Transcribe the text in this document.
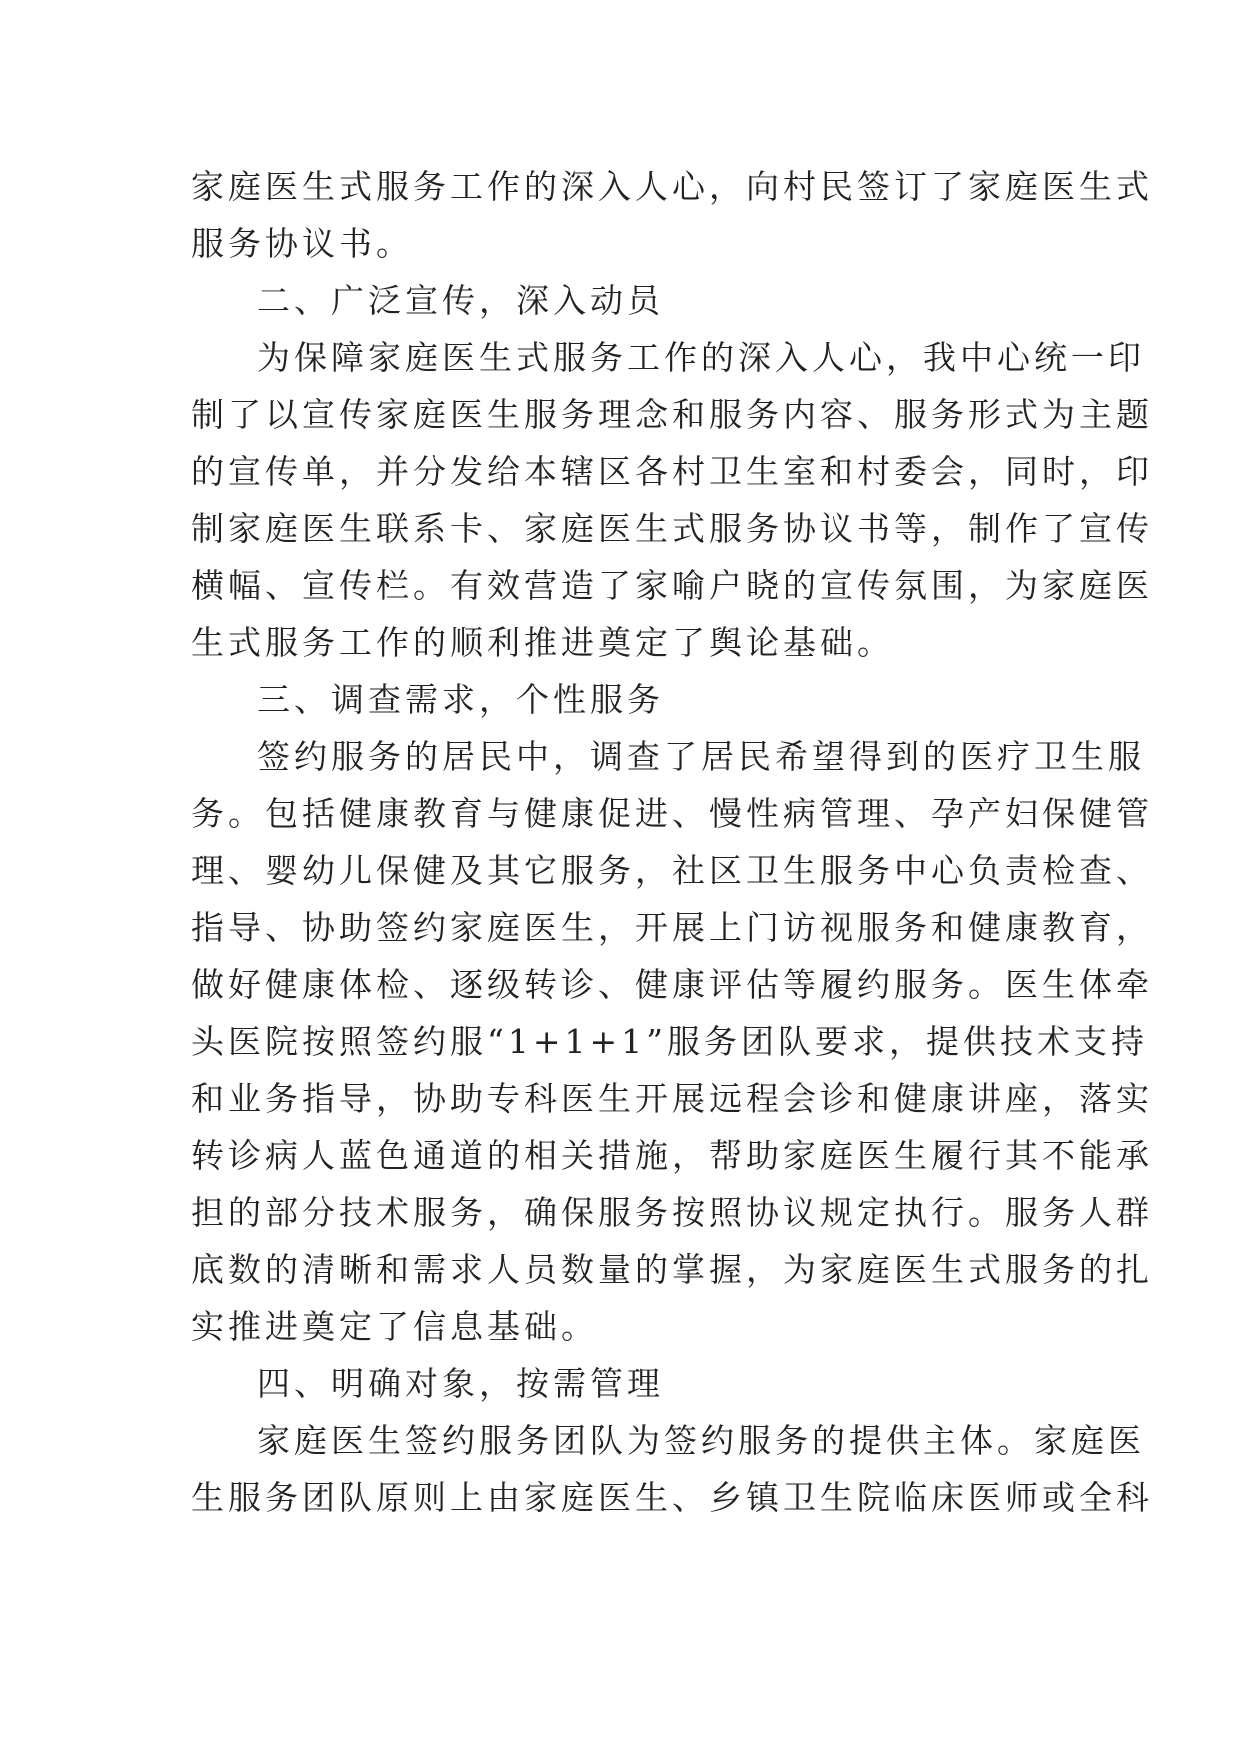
家庭医生式服务工作的深入人心，向村民签订了家庭医生式
服务协议书。
二、广泛宣传，深入动员
为保障家庭医生式服务工作的深入人心，我中心统一印
制了以宣传家庭医生服务理念和服务内容、服务形式为主题
的宣传单，并分发给本辖区各村卫生室和村委会，同时，印
制家庭医生联系卡、家庭医生式服务协议书等，制作了宣传
横幅、宣传栏。有效营造了家喻户晓的宣传氛围，为家庭医
生式服务工作的顺利推进奠定了舆论基础。
三、调查需求，个性服务
签约服务的居民中，调查了居民希望得到的医疗卫生服
务。包括健康教育与健康促进、慢性病管理、孕产妇保健管
理、婴幼儿保健及其它服务，社区卫生服务中心负责检查、
指导、协助签约家庭医生，开展上门访视服务和健康教育，
做好健康体检、逐级转诊、健康评估等履约服务。医生体牵
头医院按照签约服“1+1+1”服务团队要求，提供技术支持
和业务指导，协助专科医生开展远程会诊和健康讲座，落实
转诊病人蓝色通道的相关措施，帮助家庭医生履行其不能承
担的部分技术服务，确保服务按照协议规定执行。服务人群
底数的清晰和需求人员数量的掌握，为家庭医生式服务的扎
实推进奠定了信息基础。
四、明确对象，按需管理
家庭医生签约服务团队为签约服务的提供主体。家庭医
生服务团队原则上由家庭医生、乡镇卫生院临床医师或全科
